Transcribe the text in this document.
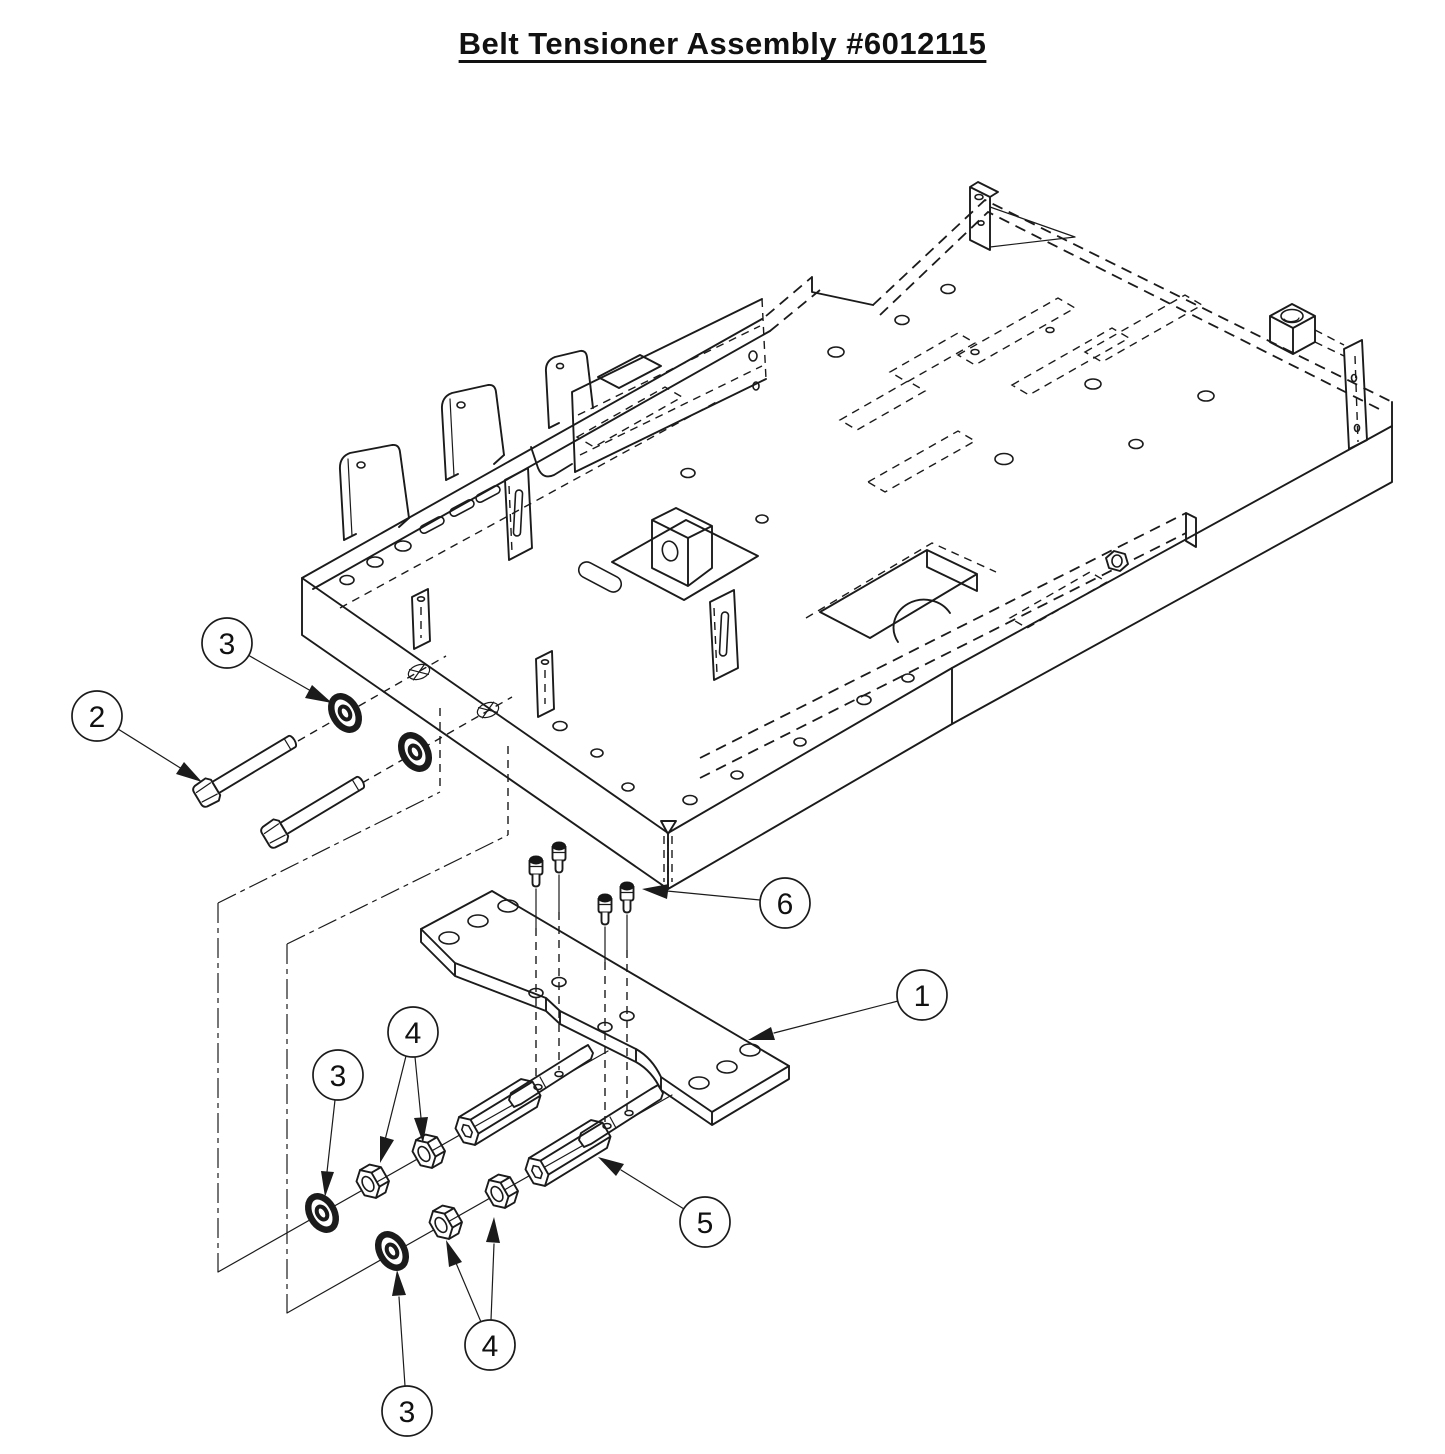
Belt Tensioner Assembly #6012115
3
2
6
1
4
3
5
4
3
